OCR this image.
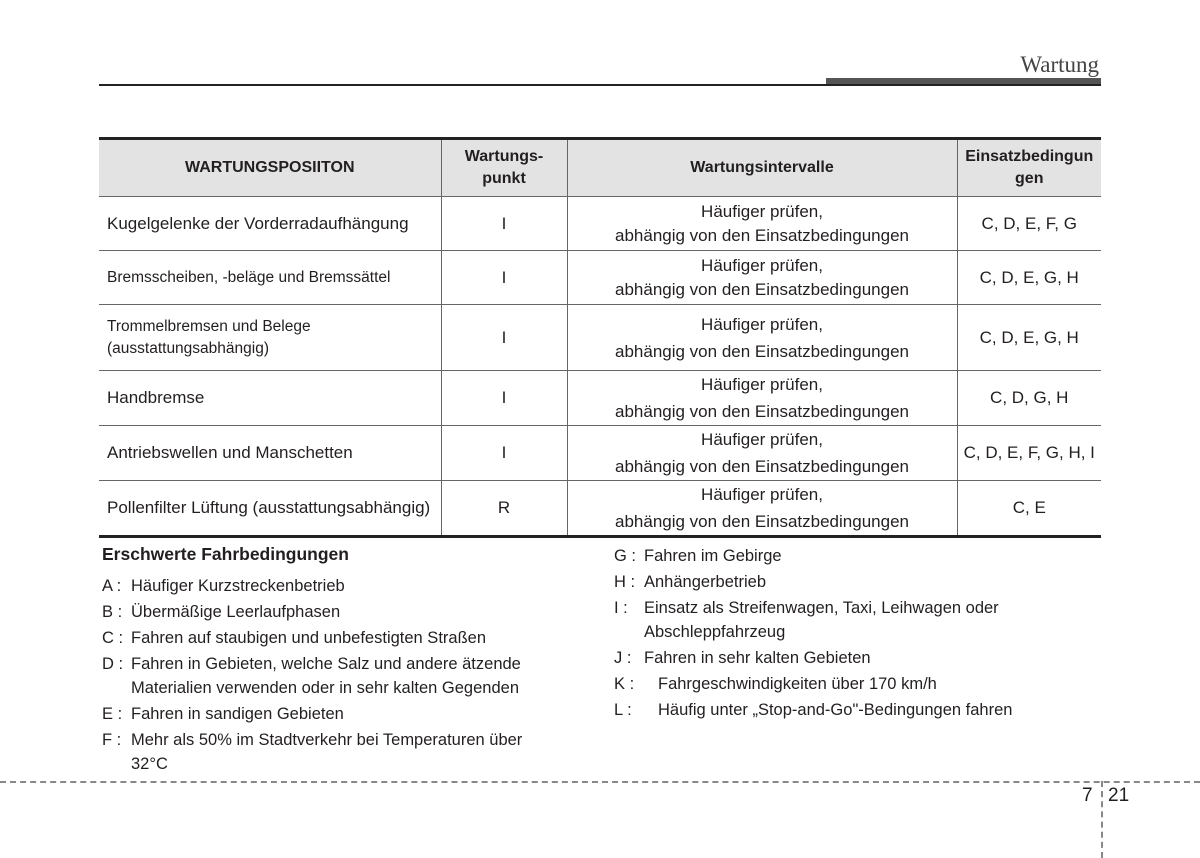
Wartung
WARTUNGSPOSIITON	Wartungs-
punkt	Wartungsintervalle	Einsatzbedingun
gen
Kugelgelenke der Vorderradaufhängung	I	Häufiger prüfen,
abhängig von den Einsatzbedingungen	C, D, E, F, G
Bremsscheiben, -beläge und Bremssättel	I	Häufiger prüfen,
abhängig von den Einsatzbedingungen	C, D, E, G, H
Trommelbremsen und Belege
(ausstattungsabhängig)	I	Häufiger prüfen,
abhängig von den Einsatzbedingungen	C, D, E, G, H
Handbremse	I	Häufiger prüfen,
abhängig von den Einsatzbedingungen	C, D, G, H
Antriebswellen und Manschetten	I	Häufiger prüfen,
abhängig von den Einsatzbedingungen	C, D, E, F, G, H, I
Pollenfilter Lüftung (ausstattungsabhängig)	R	Häufiger prüfen,
abhängig von den Einsatzbedingungen	C, E
Erschwerte Fahrbedingungen
A : Häufiger Kurzstreckenbetrieb
B : Übermäßige Leerlaufphasen
C : Fahren auf staubigen und unbefestigten Straßen
D : Fahren in Gebieten, welche Salz und andere ätzende Materialien verwenden oder in sehr kalten Gegenden
E : Fahren in sandigen Gebieten
F : Mehr als 50% im Stadtverkehr bei Temperaturen über 32°C
G : Fahren im Gebirge
H : Anhängerbetrieb
I : Einsatz als Streifenwagen, Taxi, Leihwagen oder Abschleppfahrzeug
J : Fahren in sehr kalten Gebieten
K :	Fahrgeschwindigkeiten über 170 km/h
L :	Häufig unter „Stop-and-Go"-Bedingungen fahren
7 21
